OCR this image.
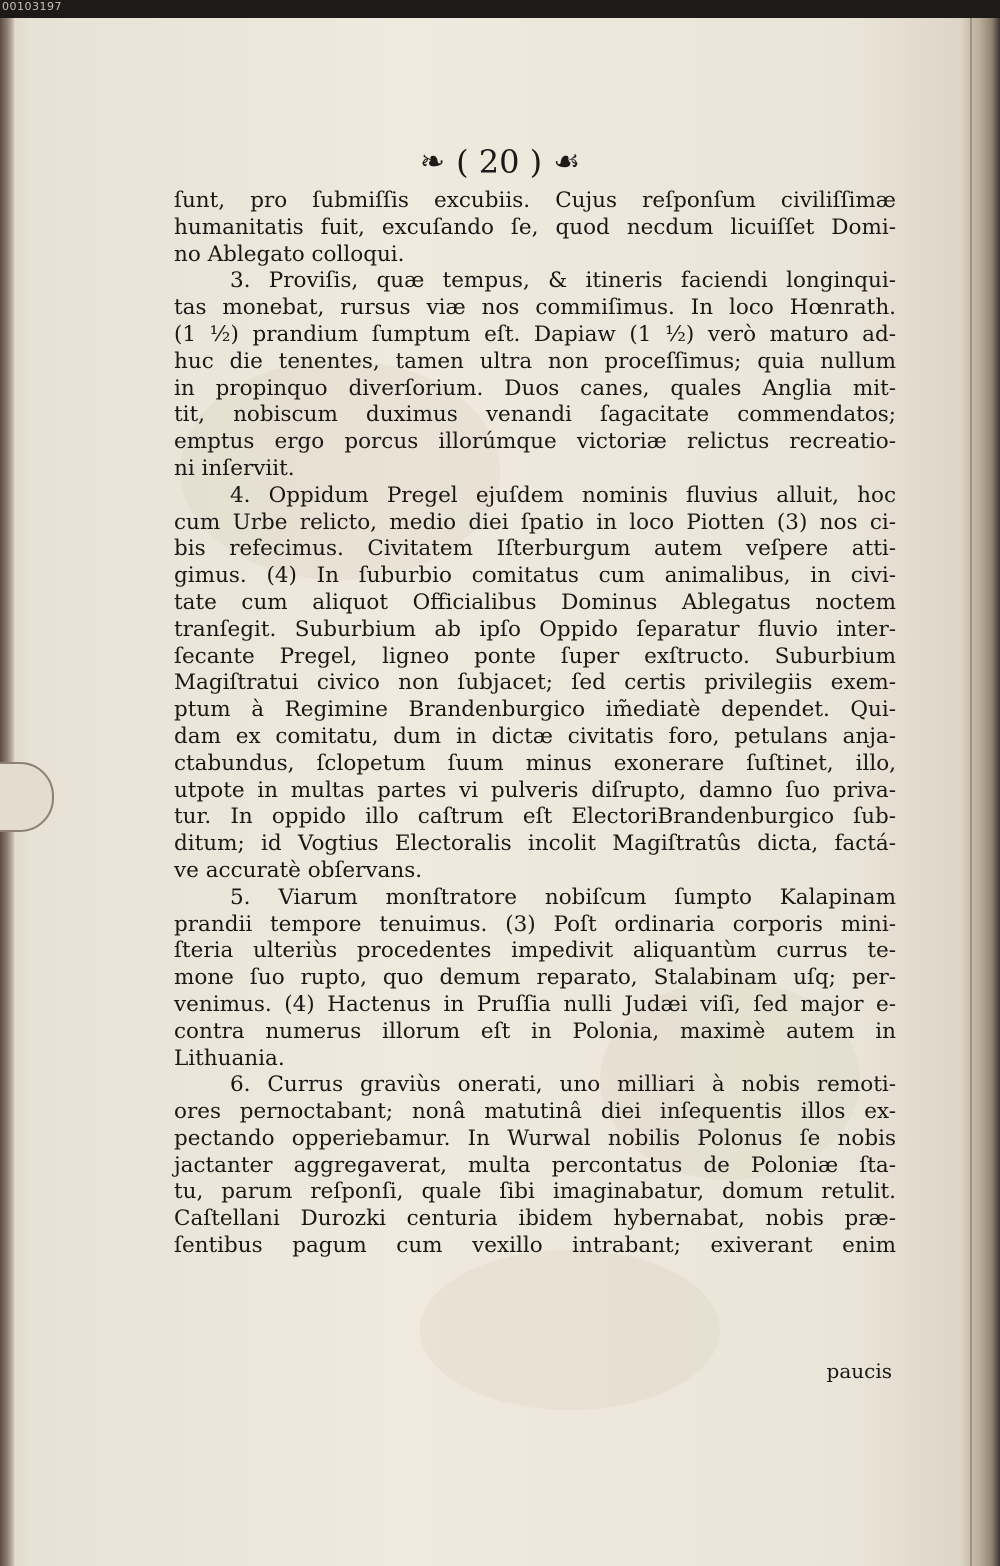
00103197
❧ ( 20 ) ☙
ſunt, pro ſubmiſſis excubiis. Cujus reſponſum civiliſſimæ
humanitatis fuit, excuſando ſe, quod necdum licuiſſet Domi-
no Ablegato colloqui.
3. Proviſis, quæ tempus, & itineris faciendi longinqui-
tas monebat, rursus viæ nos commiſimus. In loco Hœnrath.
(1 ½) prandium ſumptum eſt. Dapiaw (1 ½) verò maturo ad-
huc die tenentes, tamen ultra non proceſſimus; quia nullum
in propinquo diverſorium. Duos canes, quales Anglia mit-
tit, nobiscum duximus venandi ſagacitate commendatos;
emptus ergo porcus illorúmque victoriæ relictus recreatio-
ni inſerviit.
4. Oppidum Pregel ejuſdem nominis fluvius alluit, hoc
cum Urbe relicto, medio diei ſpatio in loco Piotten (3) nos ci-
bis refecimus. Civitatem Iſterburgum autem veſpere atti-
gimus. (4) In ſuburbio comitatus cum animalibus, in civi-
tate cum aliquot Officialibus Dominus Ablegatus noctem
tranſegit. Suburbium ab ipſo Oppido ſeparatur fluvio inter-
ſecante Pregel, ligneo ponte ſuper exſtructo. Suburbium
Magiſtratui civico non ſubjacet; ſed certis privilegiis exem-
ptum à Regimine Brandenburgico im̃ediatè dependet. Qui-
dam ex comitatu, dum in dictæ civitatis foro, petulans anja-
ctabundus, ſclopetum ſuum minus exonerare ſuſtinet, illo,
utpote in multas partes vi pulveris diſrupto, damno ſuo priva-
tur. In oppido illo caſtrum eſt ElectoriBrandenburgico ſub-
ditum; id Vogtius Electoralis incolit Magiſtratûs dicta, factá-
ve accuratè obſervans.
5. Viarum monſtratore nobiſcum ſumpto Kalapinam
prandii tempore tenuimus. (3) Poſt ordinaria corporis mini-
ſteria ulteriùs procedentes impedivit aliquantùm currus te-
mone ſuo rupto, quo demum reparato, Stalabinam uſq; per-
venimus. (4) Hactenus in Pruſſia nulli Judæi viſi, ſed major e-
contra numerus illorum eſt in Polonia, maximè autem in
Lithuania.
6. Currus graviùs onerati, uno milliari à nobis remoti-
ores pernoctabant; nonâ matutinâ diei inſequentis illos ex-
pectando opperiebamur. In Wurwal nobilis Polonus ſe nobis
jactanter aggregaverat, multa percontatus de Poloniæ ſta-
tu, parum reſponſi, quale ſibi imaginabatur, domum retulit.
Caſtellani Durozki centuria ibidem hybernabat, nobis præ-
ſentibus pagum cum vexillo intrabant; exiverant enim
paucis
